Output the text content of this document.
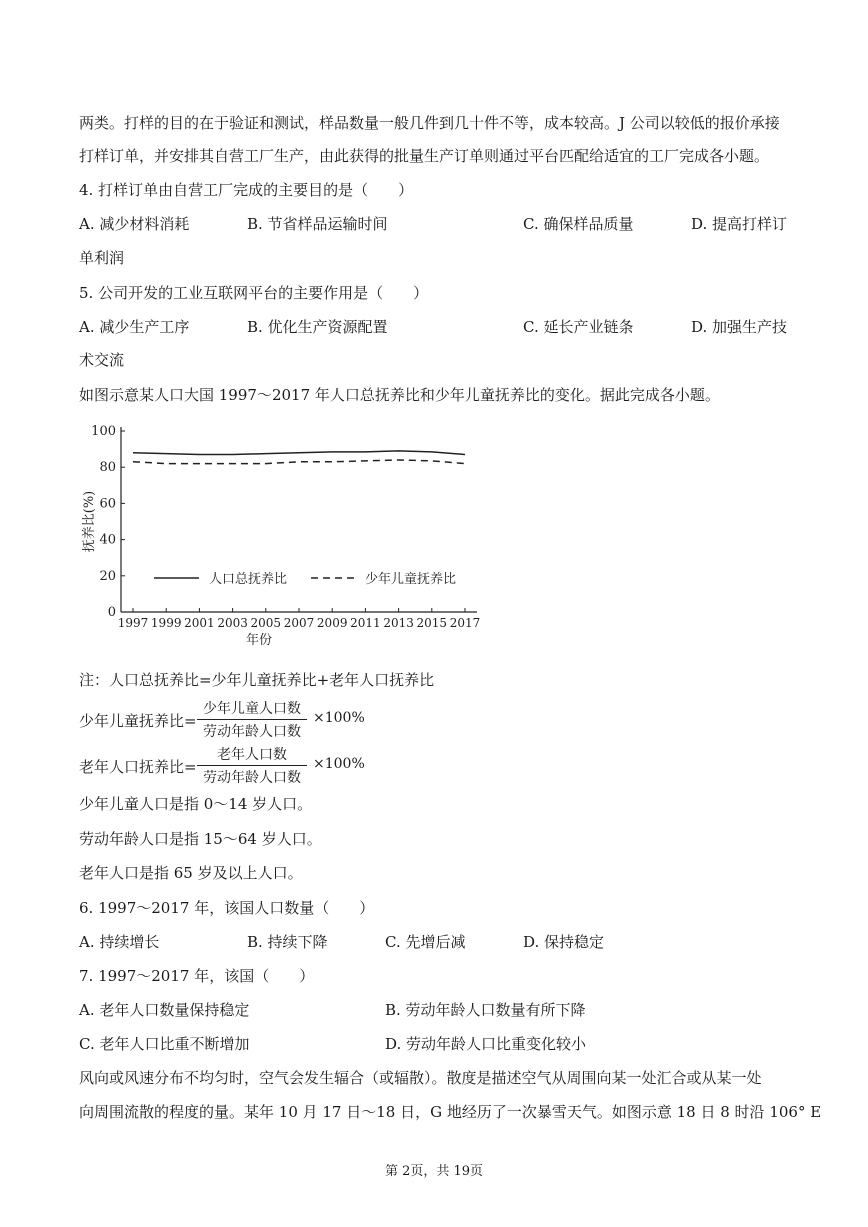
两类。打样的目的在于验证和测试，样品数量一般几件到几十件不等，成本较高。J 公司以较低的报价承接
打样订单，并安排其自营工厂生产，由此获得的批量生产订单则通过平台匹配给适宜的工厂完成各小题。
4. 打样订单由自营工厂完成的主要目的是（　　）
A. 减少材料消耗	B. 节省样品运输时间	C. 确保样品质量	D. 提高打样订
单利润
5. 公司开发的工业互联网平台的主要作用是（　　）
A. 减少生产工序	B. 优化生产资源配置	C. 延长产业链条	D. 加强生产技
术交流
如图示意某人口大国 1997～2017 年人口总抚养比和少年儿童抚养比的变化。据此完成各小题。
0
20
40
60
80
100
1997 1999 2001 2003 2005 2007 2009 2011 2013 2015 2017
年份
抚养比(%)
人口总抚养比	少年儿童抚养比
注：人口总抚养比=少年儿童抚养比+老年人口抚养比
少年儿童抚养比=
少年儿童人口数
劳动年龄人口数
×100%
老年人口抚养比=
老年人口数
劳动年龄人口数
×100%
少年儿童人口是指 0～14 岁人口。
劳动年龄人口是指 15～64 岁人口。
老年人口是指 65 岁及以上人口。
6. 1997～2017 年，该国人口数量（　　）
A. 持续增长	B. 持续下降	C. 先增后减	D. 保持稳定
7. 1997～2017 年，该国（　　）
A. 老年人口数量保持稳定	B. 劳动年龄人口数量有所下降
C. 老年人口比重不断增加	D. 劳动年龄人口比重变化较小
风向或风速分布不均匀时，空气会发生辐合（或辐散）。散度是描述空气从周围向某一处汇合或从某一处
向周围流散的程度的量。某年 10 月 17 日～18 日，G 地经历了一次暴雪天气。如图示意 18 日 8 时沿 106° E
第 2页，共 19页
